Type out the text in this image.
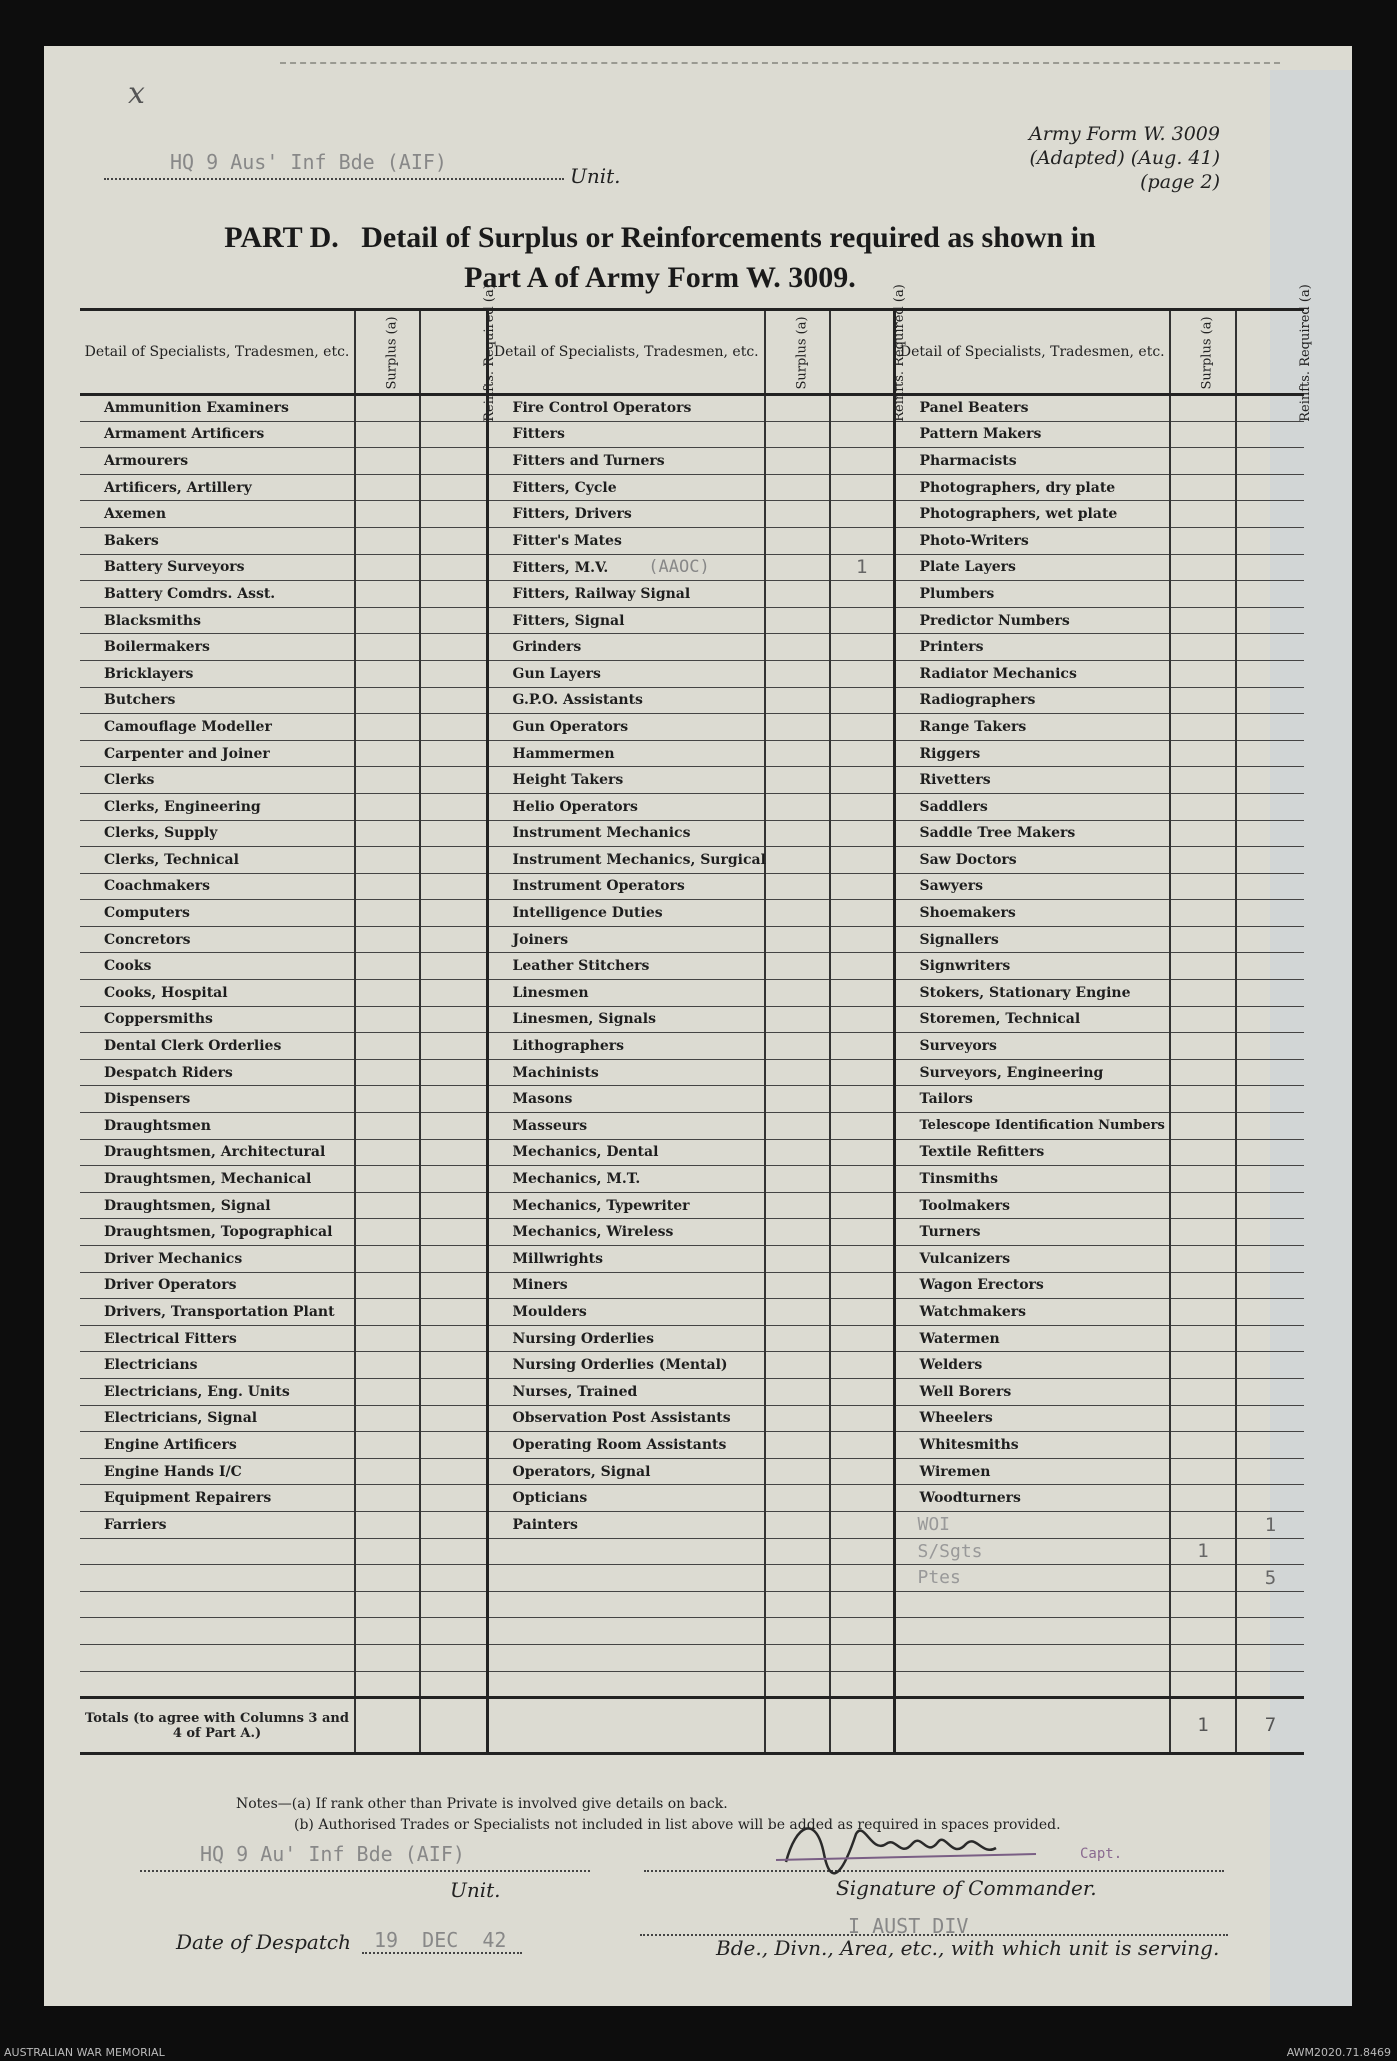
x
HQ 9 Aus' Inf Bde (AIF)
Unit.
Army Form W. 3009
(Adapted) (Aug. 41)
(page 2)
PART D.   Detail of Surplus or Reinforcements required as shown in
Part A of Army Form W. 3009.
Detail of Specialists, Tradesmen, etc.	Surplus (a)	Reinfts. Required (a)	Detail of Specialists, Tradesmen, etc.	Surplus (a)	Reinfts. Required (a)	Detail of Specialists, Tradesmen, etc.	Surplus (a)	Reinfts. Required (a)
Ammunition Examiners			Fire Control Operators			Panel Beaters		
Armament Artificers			Fitters			Pattern Makers		
Armourers			Fitters and Turners			Pharmacists		
Artificers, Artillery			Fitters, Cycle			Photographers, dry plate		
Axemen			Fitters, Drivers			Photographers, wet plate		
Bakers			Fitter's Mates			Photo-Writers		
Battery Surveyors			Fitters, M.V. (AAOC)		1	Plate Layers		
Battery Comdrs. Asst.			Fitters, Railway Signal			Plumbers		
Blacksmiths			Fitters, Signal			Predictor Numbers		
Boilermakers			Grinders			Printers		
Bricklayers			Gun Layers			Radiator Mechanics		
Butchers			G.P.O. Assistants			Radiographers		
Camouflage Modeller			Gun Operators			Range Takers		
Carpenter and Joiner			Hammermen			Riggers		
Clerks			Height Takers			Rivetters		
Clerks, Engineering			Helio Operators			Saddlers		
Clerks, Supply			Instrument Mechanics			Saddle Tree Makers		
Clerks, Technical			Instrument Mechanics, Surgical			Saw Doctors		
Coachmakers			Instrument Operators			Sawyers		
Computers			Intelligence Duties			Shoemakers		
Concretors			Joiners			Signallers		
Cooks			Leather Stitchers			Signwriters		
Cooks, Hospital			Linesmen			Stokers, Stationary Engine		
Coppersmiths			Linesmen, Signals			Storemen, Technical		
Dental Clerk Orderlies			Lithographers			Surveyors		
Despatch Riders			Machinists			Surveyors, Engineering		
Dispensers			Masons			Tailors		
Draughtsmen			Masseurs			Telescope Identification Numbers		
Draughtsmen, Architectural			Mechanics, Dental			Textile Refitters		
Draughtsmen, Mechanical			Mechanics, M.T.			Tinsmiths		
Draughtsmen, Signal			Mechanics, Typewriter			Toolmakers		
Draughtsmen, Topographical			Mechanics, Wireless			Turners		
Driver Mechanics			Millwrights			Vulcanizers		
Driver Operators			Miners			Wagon Erectors		
Drivers, Transportation Plant			Moulders			Watchmakers		
Electrical Fitters			Nursing Orderlies			Watermen		
Electricians			Nursing Orderlies (Mental)			Welders		
Electricians, Eng. Units			Nurses, Trained			Well Borers		
Electricians, Signal			Observation Post Assistants			Wheelers		
Engine Artificers			Operating Room Assistants			Whitesmiths		
Engine Hands I/C			Operators, Signal			Wiremen		
Equipment Repairers			Opticians			Woodturners		
Farriers			Painters			WOI		1
						S/Sgts	1	
						Ptes		5

Totals (to agree with Columns 3 and 4 of Part A.)							1	7
Notes—(a) If rank other than Private is involved give details on back.
(b) Authorised Trades or Specialists not included in list above will be added as required in spaces provided.
HQ 9 Au' Inf Bde (AIF)
Unit.
Capt.
Signature of Commander.
Date of Despatch 19  DEC  42
I AUST DIV
Bde., Divn., Area, etc., with which unit is serving.
AUSTRALIAN WAR MEMORIAL	AWM2020.71.8469
